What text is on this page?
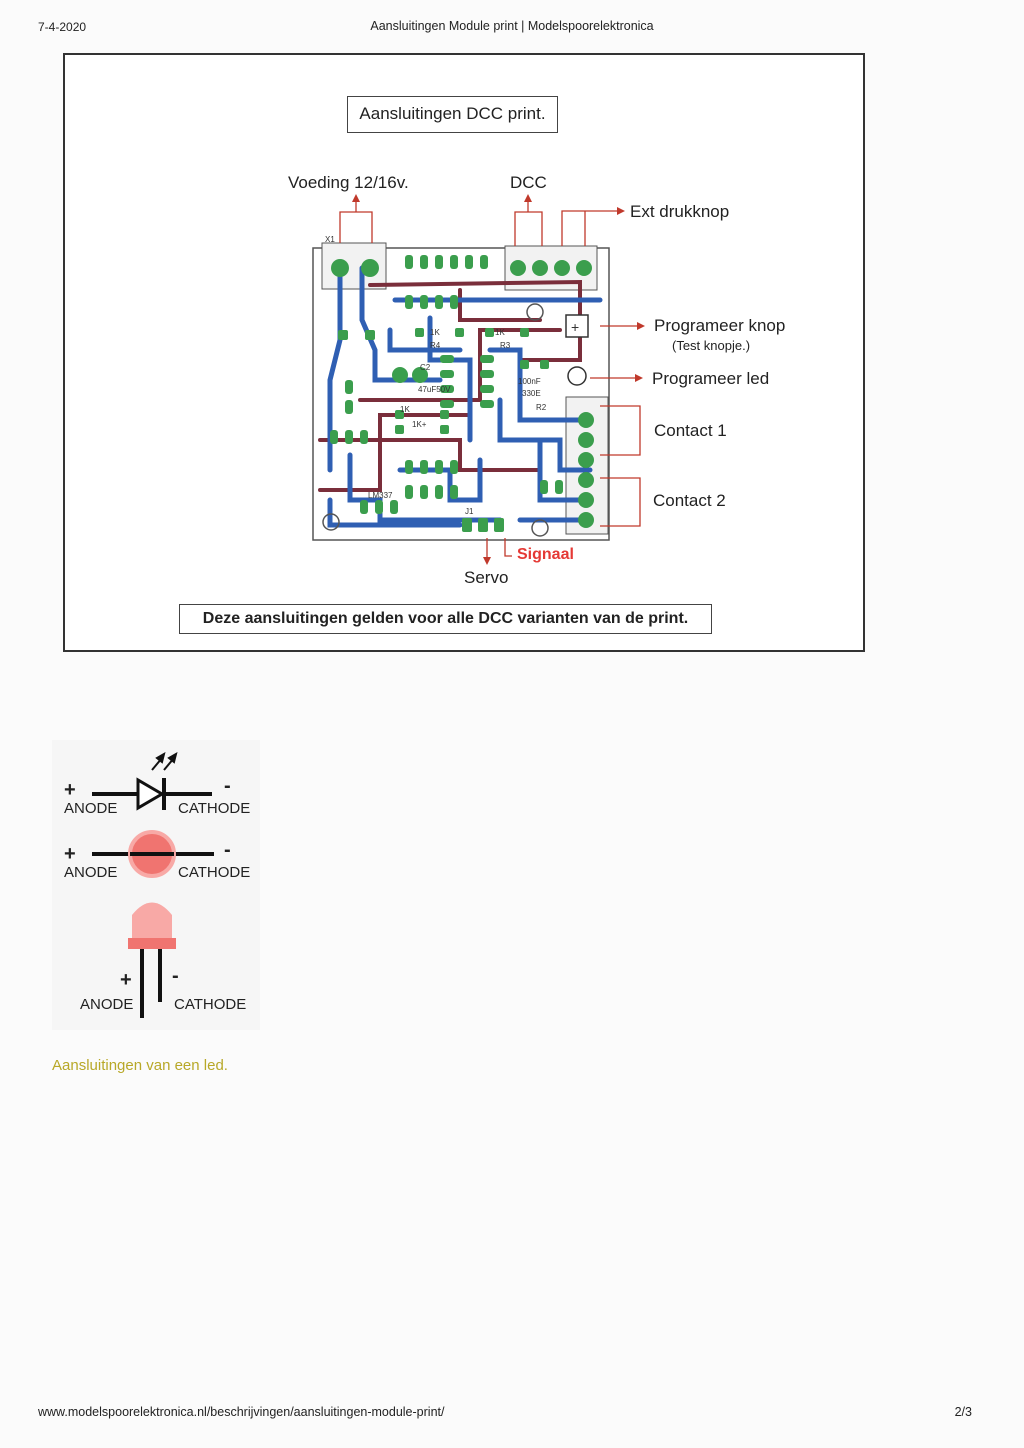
7-4-2020	Aansluitingen Module print | Modelspoorelektronica
+
X1
R4	R3
R2
C2
J1
1K	1K
47uF50V
100nF
330E
1K
1K+
LM337
Aansluitingen DCC print.
Voeding 12/16v.	DCC
Ext drukknop
Programeer knop
(Test knopje.)
Programeer led
Contact 1
Contact 2
Signaal
Servo
Deze aansluitingen gelden voor alle DCC varianten van de print.
+	-
ANODE	CATHODE
+	-
ANODE	CATHODE
+ -
ANODE	CATHODE
Aansluitingen van een led.
www.modelspoorelektronica.nl/beschrijvingen/aansluitingen-module-print/	2/3
